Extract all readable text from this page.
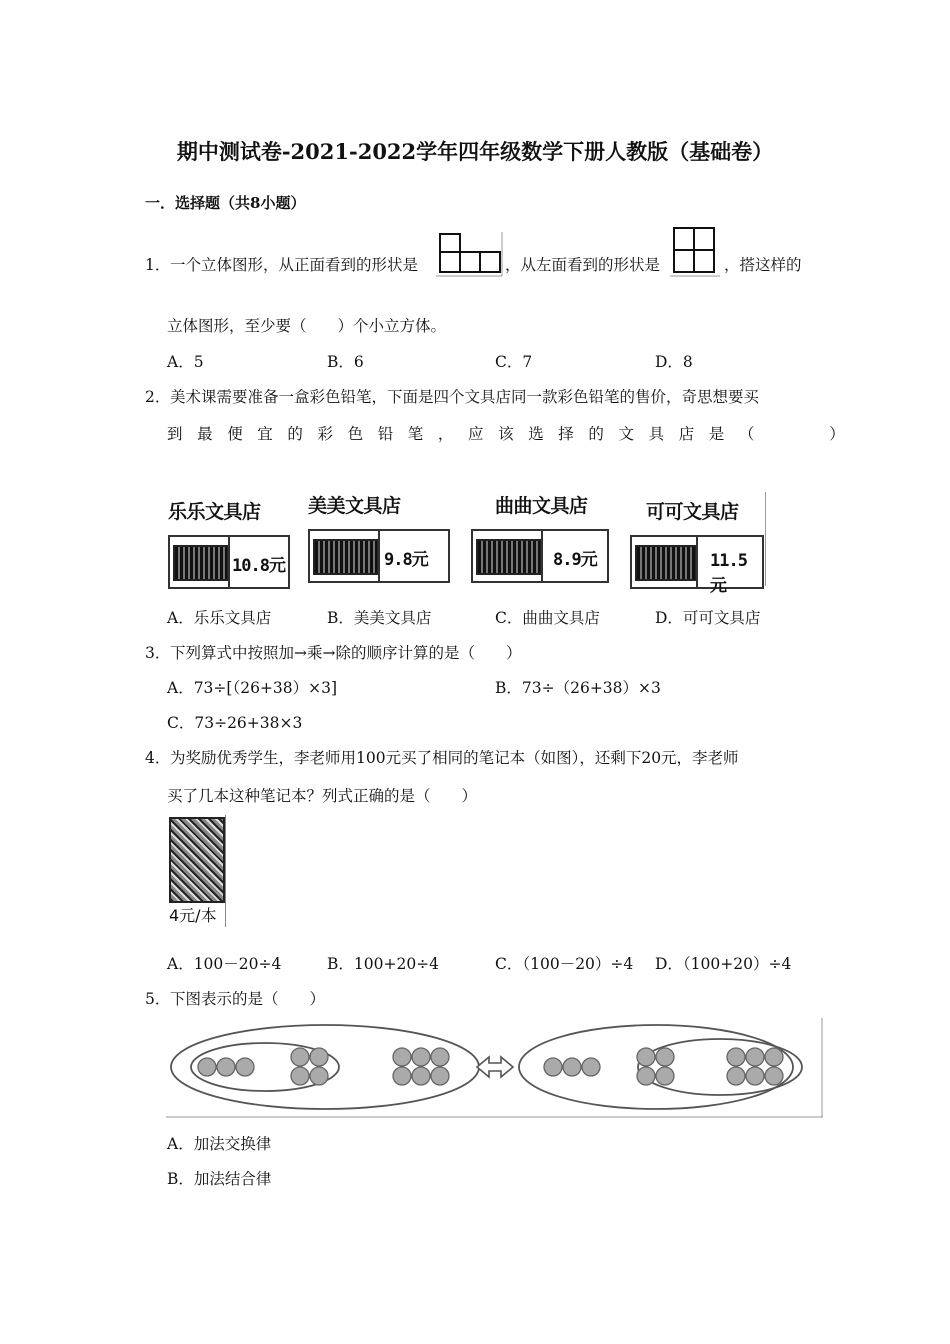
期中测试卷-2021-2022学年四年级数学下册人教版（基础卷）
一．选择题（共8小题）
1． 一个立体图形，从正面看到的形状是	，从左面看到的形状是	，搭这样的
立体图形，至少要（　　）个小立方体。
A．5	B．6	C．7	D．8
2． 美术课需要准备一盒彩色铅笔，下面是四个文具店同一款彩色铅笔的售价，奇思想要买
到最便宜的彩色铅笔，应该选择的文具店是（　　）
乐乐文具店
10.8元
美美文具店
9.8元
曲曲文具店
8.9元
可可文具店
11.5元
A．乐乐文具店	B．美美文具店	C．曲曲文具店	D．可可文具店
3． 下列算式中按照加→乘→除的顺序计算的是（　　）
A．73÷[（26+38）×3]	B．73÷（26+38）×3
C．73÷26+38×3
4． 为奖励优秀学生，李老师用100元买了相同的笔记本（如图），还剩下20元，李老师
买了几本这种笔记本？列式正确的是（　　）
4元/本
A．100－20÷4	B．100+20÷4	C．（100－20）÷4 D．（100+20）÷4
5． 下图表示的是（　　）
A．加法交换律
B．加法结合律
